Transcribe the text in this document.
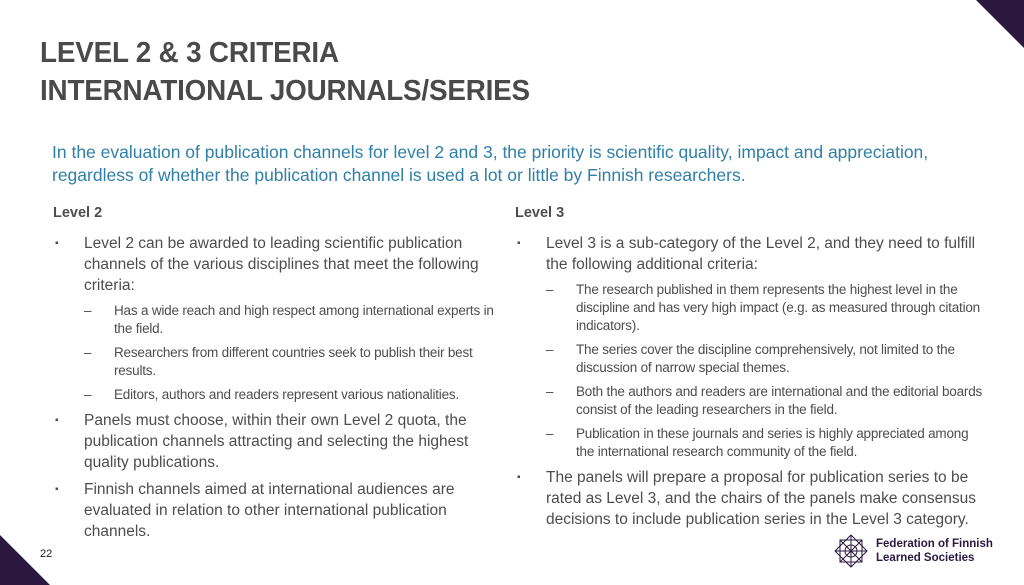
LEVEL 2 & 3 CRITERIA
INTERNATIONAL JOURNALS/SERIES
In the evaluation of publication channels for level 2 and 3, the priority is scientific quality, impact and appreciation, regardless of whether the publication channel is used a lot or little by Finnish researchers.
Level 2
▪ Level 2 can be awarded to leading scientific publication channels of the various disciplines that meet the following criteria:
– Has a wide reach and high respect among international experts in the field.
– Researchers from different countries seek to publish their best results.
– Editors, authors and readers represent various nationalities.
▪ Panels must choose, within their own Level 2 quota, the publication channels attracting and selecting the highest quality publications.
▪ Finnish channels aimed at international audiences are evaluated in relation to other international publication channels.
Level 3
▪ Level 3 is a sub-category of the Level 2, and they need to fulfill the following additional criteria:
– The research published in them represents the highest level in the discipline and has very high impact (e.g. as measured through citation indicators).
– The series cover the discipline comprehensively, not limited to the discussion of narrow special themes.
– Both the authors and readers are international and the editorial boards consist of the leading researchers in the field.
– Publication in these journals and series is highly appreciated among the international research community of the field.
▪ The panels will prepare a proposal for publication series to be rated as Level 3, and the chairs of the panels make consensus decisions to include publication series in the Level 3 category.
22
Federation of Finnish
Learned Societies
